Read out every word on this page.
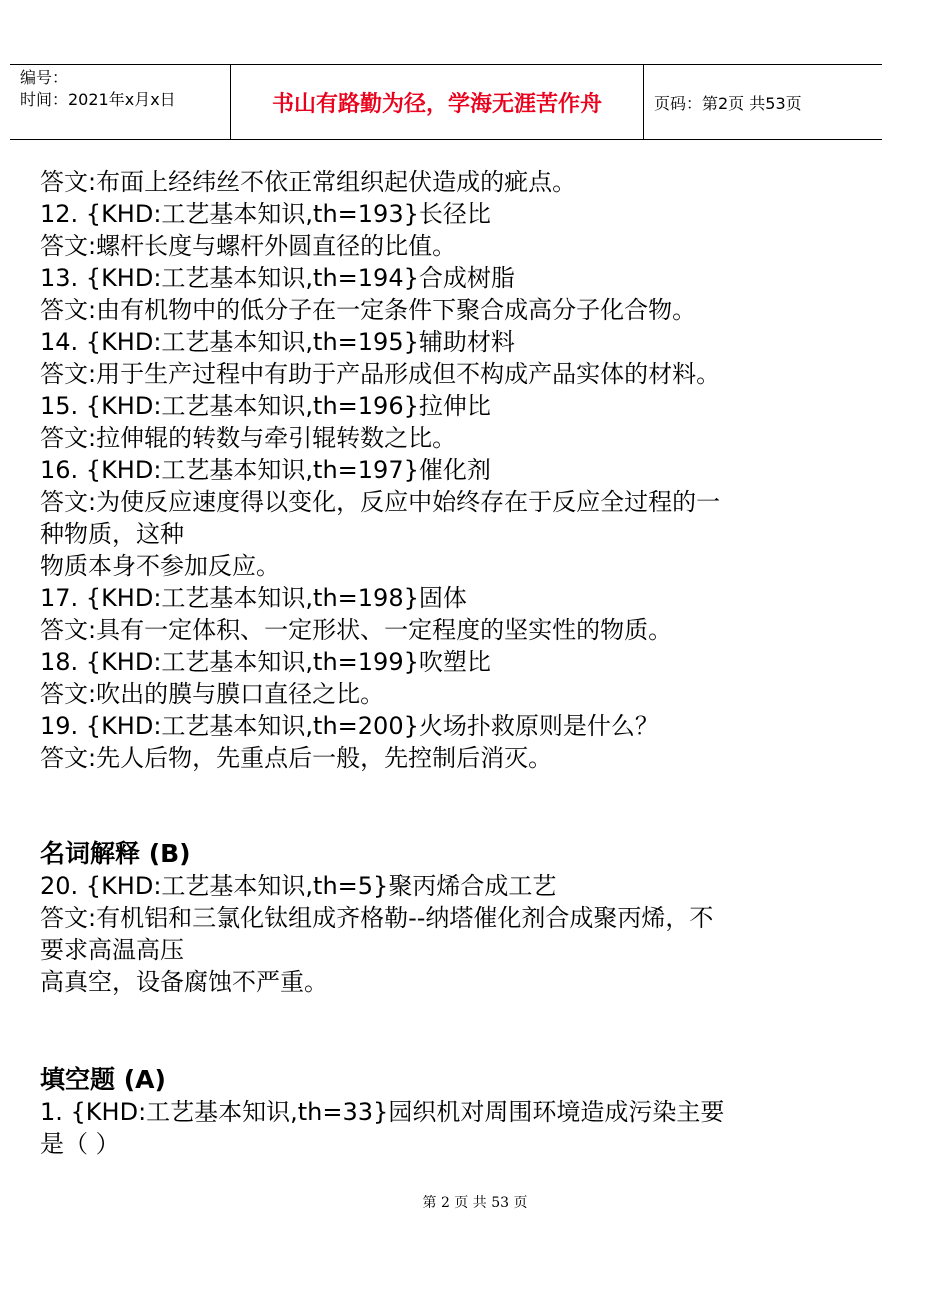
编号：
时间：2021年x月x日	书山有路勤为径，学海无涯苦作舟	页码：第2页 共53页
答文:布面上经纬丝不依正常组织起伏造成的疵点。
12. {KHD:工艺基本知识,th=193}长径比
答文:螺杆长度与螺杆外圆直径的比值。
13. {KHD:工艺基本知识,th=194}合成树脂
答文:由有机物中的低分子在一定条件下聚合成高分子化合物。
14. {KHD:工艺基本知识,th=195}辅助材料
答文:用于生产过程中有助于产品形成但不构成产品实体的材料。
15. {KHD:工艺基本知识,th=196}拉伸比
答文:拉伸辊的转数与牵引辊转数之比。
16. {KHD:工艺基本知识,th=197}催化剂
答文:为使反应速度得以变化，反应中始终存在于反应全过程的一
种物质，这种
物质本身不参加反应。
17. {KHD:工艺基本知识,th=198}固体
答文:具有一定体积、一定形状、一定程度的坚实性的物质。
18. {KHD:工艺基本知识,th=199}吹塑比
答文:吹出的膜与膜口直径之比。
19. {KHD:工艺基本知识,th=200}火场扑救原则是什么？
答文:先人后物，先重点后一般，先控制后消灭。
名词解释 (B)
20. {KHD:工艺基本知识,th=5}聚丙烯合成工艺
答文:有机铝和三氯化钛组成齐格勒--纳塔催化剂合成聚丙烯，不
要求高温高压
高真空，设备腐蚀不严重。
填空题 (A)
1. {KHD:工艺基本知识,th=33}园织机对周围环境造成污染主要
是（ ）
第 2 页 共 53 页
